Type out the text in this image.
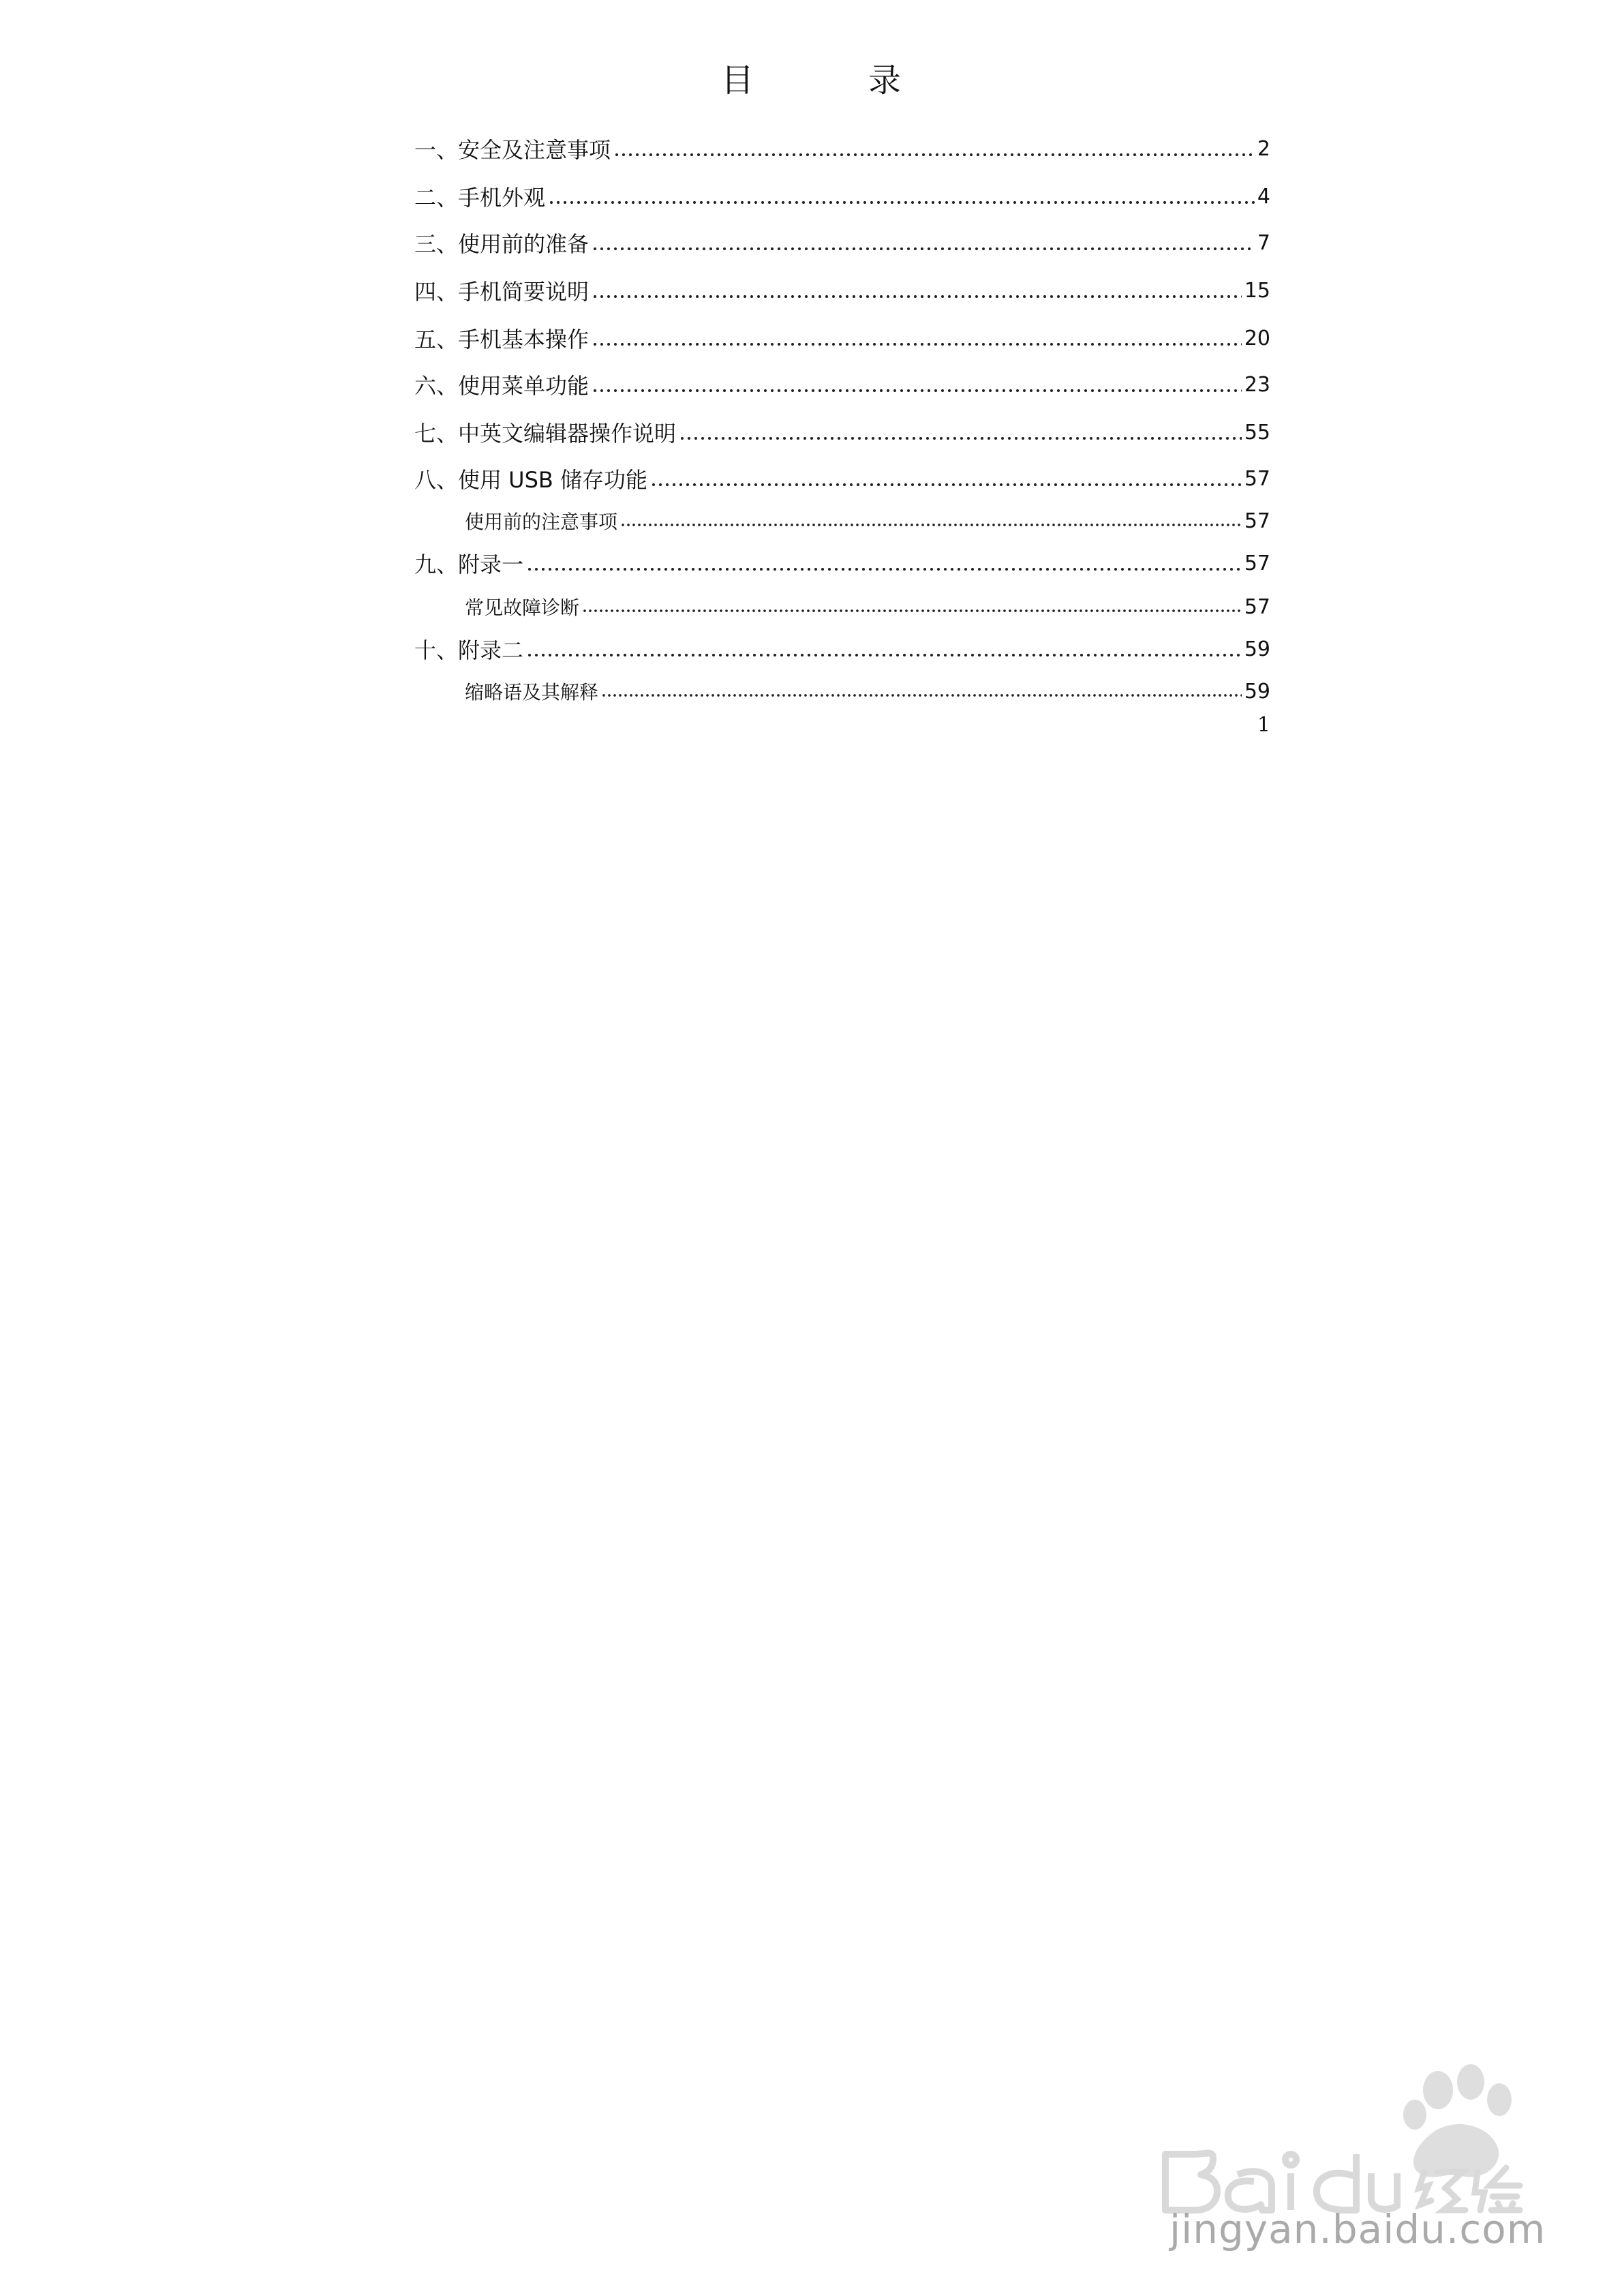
目　录
一、安全及注意事项	2
二、手机外观	4
三、使用前的准备	7
四、手机简要说明	15
五、手机基本操作	20
六、使用菜单功能	23
七、中英文编辑器操作说明	55
八、使用 USB 储存功能	57
使用前的注意事项	57
九、附录一	57
常见故障诊断	57
十、附录二	59
缩略语及其解释	59
1
jingyan.baidu.com
